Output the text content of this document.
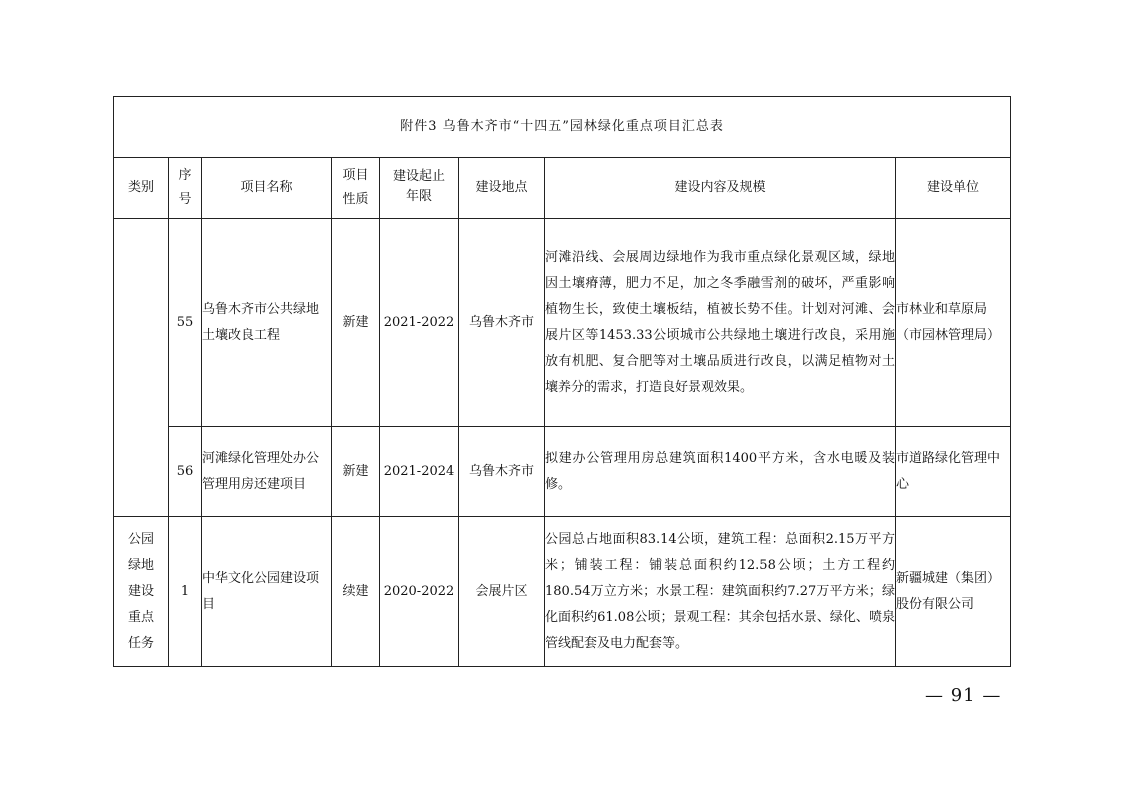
附件3 乌鲁木齐市“十四五”园林绿化重点项目汇总表							
类别	序号	项目名称	项目性质	建设起止年限	建设地点	建设内容及规模	建设单位
	55	乌鲁木齐市公共绿地土壤改良工程	新建	2021-2022	乌鲁木齐市	河滩沿线、会展周边绿地作为我市重点绿化景观区域，绿地因土壤瘠薄，肥力不足，加之冬季融雪剂的破坏，严重影响植物生长，致使土壤板结，植被长势不佳。计划对河滩、会展片区等1453.33公顷城市公共绿地土壤进行改良，采用施放有机肥、复合肥等对土壤品质进行改良，以满足植物对土壤养分的需求，打造良好景观效果。	市林业和草原局（市园林管理局）
	56	河滩绿化管理处办公管理用房还建项目	新建	2021-2024	乌鲁木齐市	拟建办公管理用房总建筑面积1400平方米，含水电暖及装修。	市道路绿化管理中心

公园绿地建设重点任务	1	中华文化公园建设项目	续建	2020-2022	会展片区	公园总占地面积83.14公顷，建筑工程：总面积2.15万平方米；铺装工程：铺装总面积约12.58公顷；土方工程约180.54万立方米；水景工程：建筑面积约7.27万平方米；绿化面积约61.08公顷；景观工程：其余包括水景、绿化、喷泉管线配套及电力配套等。	新疆城建（集团）股份有限公司
— 91 —
